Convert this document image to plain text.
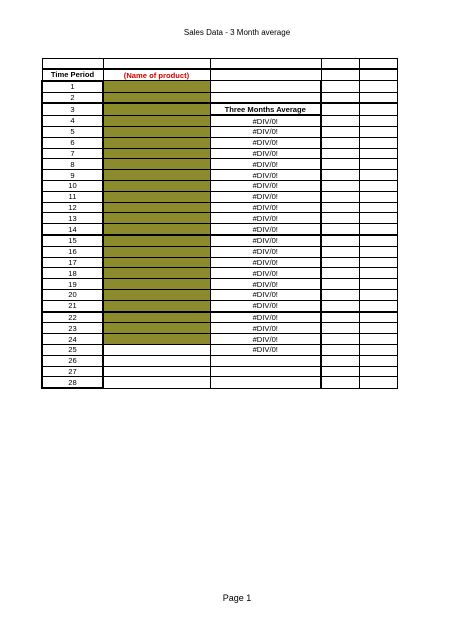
Sales Data - 3 Month average

Time Period	(Name of product)			
1				
2				
3		Three Months Average		
4		#DIV/0!		
5		#DIV/0!		
6		#DIV/0!		
7		#DIV/0!		
8		#DIV/0!		
9		#DIV/0!		
10		#DIV/0!		
11		#DIV/0!		
12		#DIV/0!		
13		#DIV/0!		
14		#DIV/0!		
15		#DIV/0!		
16		#DIV/0!		
17		#DIV/0!		
18		#DIV/0!		
19		#DIV/0!		
20		#DIV/0!		
21		#DIV/0!		
22		#DIV/0!		
23		#DIV/0!		
24		#DIV/0!		
25		#DIV/0!		
26				
27				
28				
Page 1
